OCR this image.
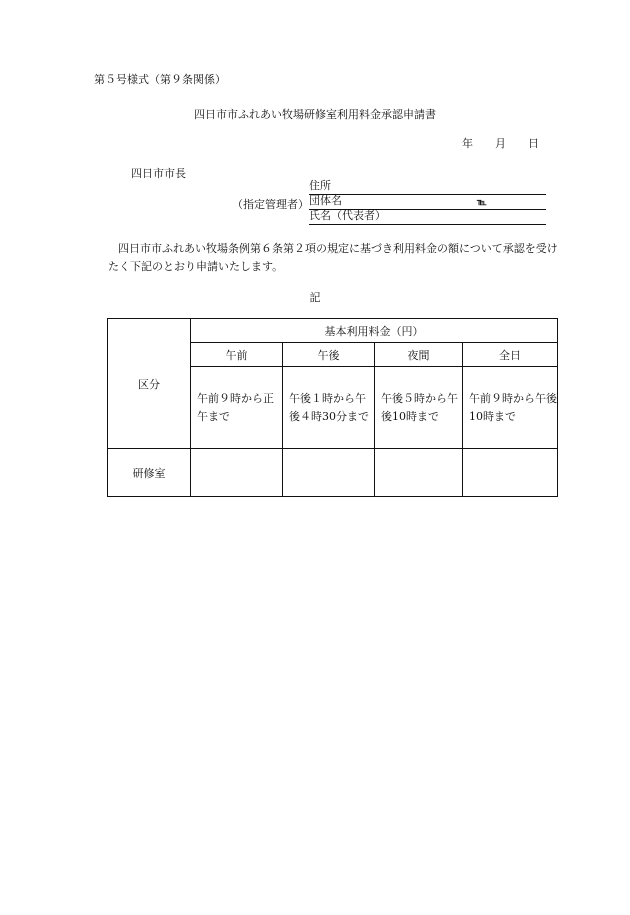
第５号様式（第９条関係）
四日市市ふれあい牧場研修室利用料金承認申請書
年 月 日
四日市市長
（指定管理者）
住所
団体名	℡
氏名（代表者）
四日市市ふれあい牧場条例第６条第２項の規定に基づき利用料金の額について承認を受けたく下記のとおり申請いたします。
記
区分	基本利用料金（円）			
	午前	午後	夜間	全日
	午前９時から正午まで	午後１時から午後４時30分まで	午後５時から午後10時まで	午前９時から午後10時まで
研修室				
